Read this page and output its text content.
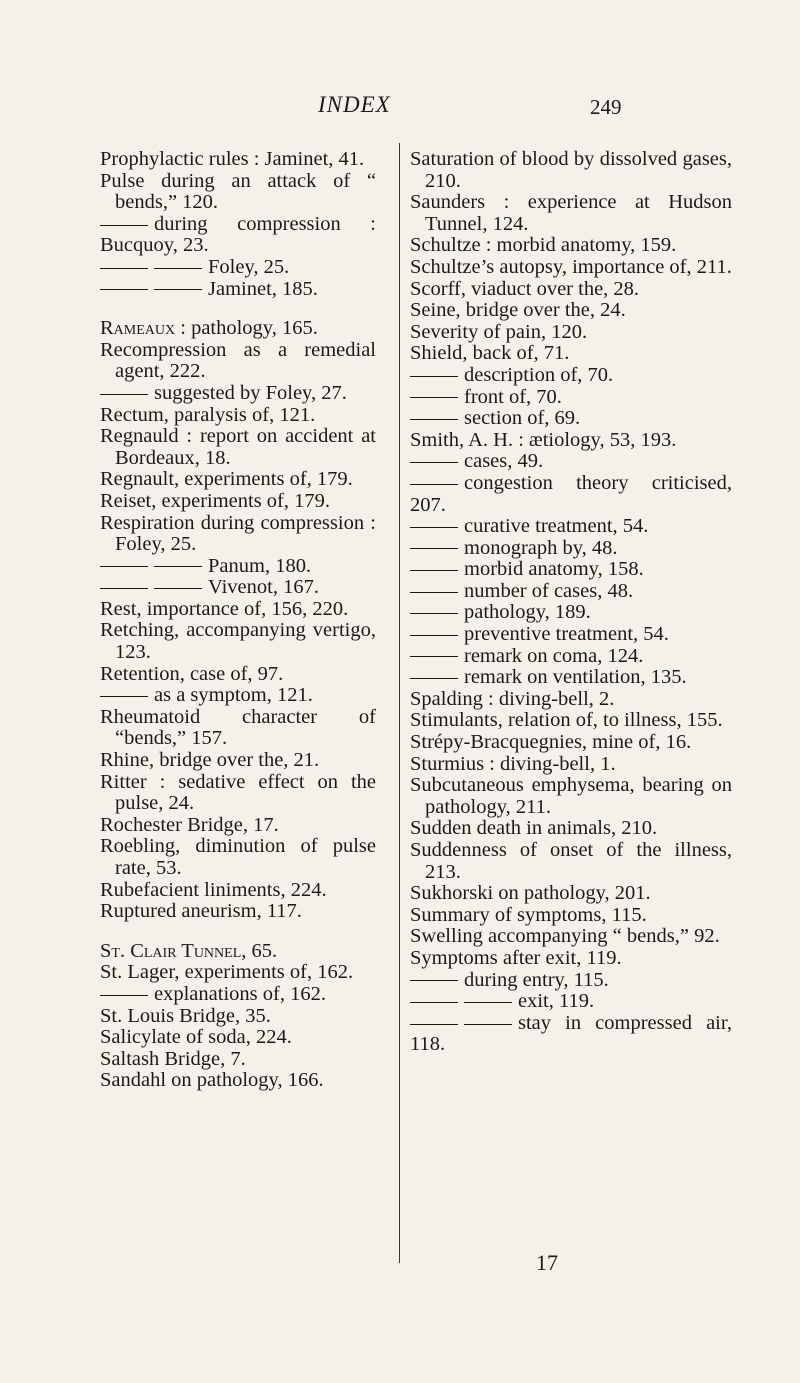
INDEX	249
Prophylactic rules : Jaminet, 41.
Pulse during an attack of “ bends,” 120.
during compression : Bucquoy, 23.
Foley, 25.
Jaminet, 185.
Rameaux : pathology, 165.
Recompression as a remedial agent, 222.
suggested by Foley, 27.
Rectum, paralysis of, 121.
Regnauld : report on accident at Bordeaux, 18.
Regnault, experiments of, 179.
Reiset, experiments of, 179.
Respiration during compression : Foley, 25.
Panum, 180.
Vivenot, 167.
Rest, importance of, 156, 220.
Retching, accompanying vertigo, 123.
Retention, case of, 97.
as a symptom, 121.
Rheumatoid character of “bends,” 157.
Rhine, bridge over the, 21.
Ritter : sedative effect on the pulse, 24.
Rochester Bridge, 17.
Roebling, diminution of pulse rate, 53.
Rubefacient liniments, 224.
Ruptured aneurism, 117.
St. Clair Tunnel, 65.
St. Lager, experiments of, 162.
explanations of, 162.
St. Louis Bridge, 35.
Salicylate of soda, 224.
Saltash Bridge, 7.
Sandahl on pathology, 166.
Saturation of blood by dissolved gases, 210.
Saunders : experience at Hudson Tunnel, 124.
Schultze : morbid anatomy, 159.
Schultze’s autopsy, importance of, 211.
Scorff, viaduct over the, 28.
Seine, bridge over the, 24.
Severity of pain, 120.
Shield, back of, 71.
description of, 70.
front of, 70.
section of, 69.
Smith, A. H. : ætiology, 53, 193.
cases, 49.
congestion theory criticised, 207.
curative treatment, 54.
monograph by, 48.
morbid anatomy, 158.
number of cases, 48.
pathology, 189.
preventive treatment, 54.
remark on coma, 124.
remark on ventilation, 135.
Spalding : diving-bell, 2.
Stimulants, relation of, to illness, 155.
Strépy-Bracquegnies, mine of, 16.
Sturmius : diving-bell, 1.
Subcutaneous emphysema, bearing on pathology, 211.
Sudden death in animals, 210.
Suddenness of onset of the illness, 213.
Sukhorski on pathology, 201.
Summary of symptoms, 115.
Swelling accompanying “ bends,” 92.
Symptoms after exit, 119.
during entry, 115.
exit, 119.
stay in compressed air, 118.
17
